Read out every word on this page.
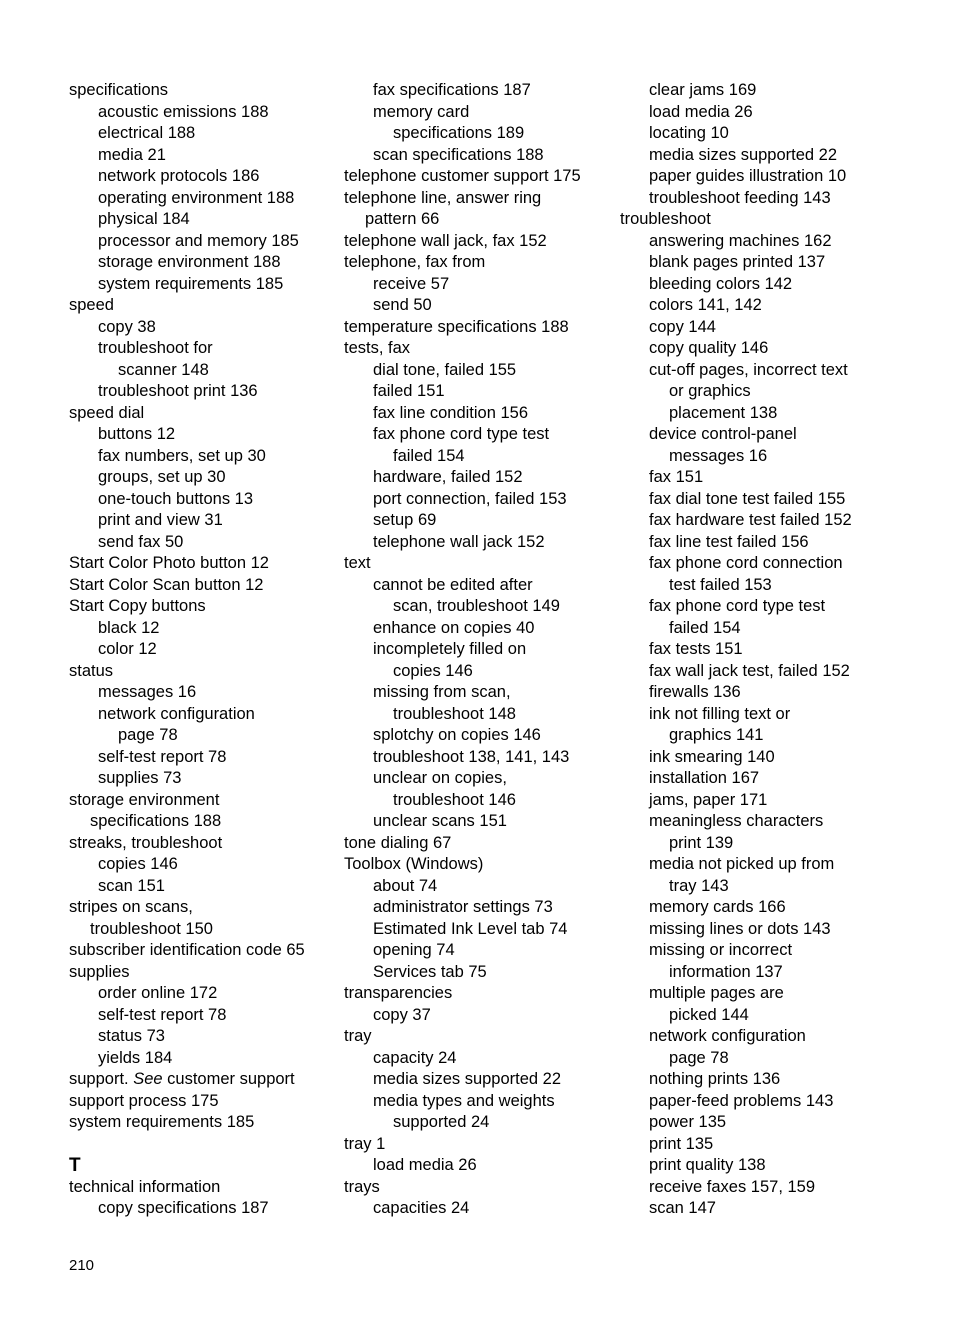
specifications
acoustic emissions 188
electrical 188
media 21
network protocols 186
operating environment 188
physical 184
processor and memory 185
storage environment 188
system requirements 185
speed
copy 38
troubleshoot for
scanner 148
troubleshoot print 136
speed dial
buttons 12
fax numbers, set up 30
groups, set up 30
one-touch buttons 13
print and view 31
send fax 50
Start Color Photo button 12
Start Color Scan button 12
Start Copy buttons
black 12
color 12
status
messages 16
network configuration
page 78
self-test report 78
supplies 73
storage environment
specifications 188
streaks, troubleshoot
copies 146
scan 151
stripes on scans,
troubleshoot 150
subscriber identification code 65
supplies
order online 172
self-test report 78
status 73
yields 184
support. See customer support
support process 175
system requirements 185
T
technical information
copy specifications 187
fax specifications 187
memory card
specifications 189
scan specifications 188
telephone customer support 175
telephone line, answer ring
pattern 66
telephone wall jack, fax 152
telephone, fax from
receive 57
send 50
temperature specifications 188
tests, fax
dial tone, failed 155
failed 151
fax line condition 156
fax phone cord type test
failed 154
hardware, failed 152
port connection, failed 153
setup 69
telephone wall jack 152
text
cannot be edited after
scan, troubleshoot 149
enhance on copies 40
incompletely filled on
copies 146
missing from scan,
troubleshoot 148
splotchy on copies 146
troubleshoot 138, 141, 143
unclear on copies,
troubleshoot 146
unclear scans 151
tone dialing 67
Toolbox (Windows)
about 74
administrator settings 73
Estimated Ink Level tab 74
opening 74
Services tab 75
transparencies
copy 37
tray
capacity 24
media sizes supported 22
media types and weights
supported 24
tray 1
load media 26
trays
capacities 24
clear jams 169
load media 26
locating 10
media sizes supported 22
paper guides illustration 10
troubleshoot feeding 143
troubleshoot
answering machines 162
blank pages printed 137
bleeding colors 142
colors 141, 142
copy 144
copy quality 146
cut-off pages, incorrect text
or graphics
placement 138
device control-panel
messages 16
fax 151
fax dial tone test failed 155
fax hardware test failed 152
fax line test failed 156
fax phone cord connection
test failed 153
fax phone cord type test
failed 154
fax tests 151
fax wall jack test, failed 152
firewalls 136
ink not filling text or
graphics 141
ink smearing 140
installation 167
jams, paper 171
meaningless characters
print 139
media not picked up from
tray 143
memory cards 166
missing lines or dots 143
missing or incorrect
information 137
multiple pages are
picked 144
network configuration
page 78
nothing prints 136
paper-feed problems 143
power 135
print 135
print quality 138
receive faxes 157, 159
scan 147
210
